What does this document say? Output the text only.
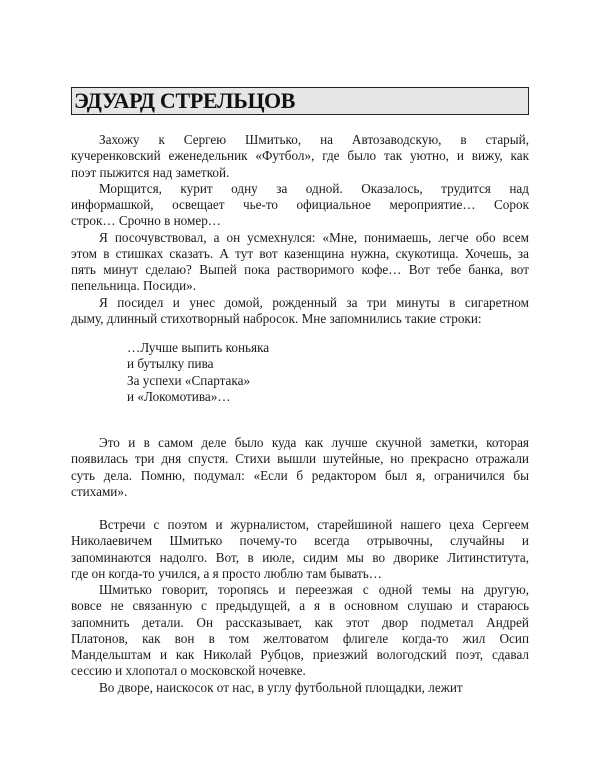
ЭДУАРД СТРЕЛЬЦОВ
Захожу к Сергею Шмитько, на Автозаводскую, в старый,
кучеренковский еженедельник «Футбол», где было так уютно, и вижу, как
поэт пыжится над заметкой.
Морщится, курит одну за одной. Оказалось, трудится над
информашкой, освещает чье-то официальное мероприятие… Сорок
строк… Срочно в номер…
Я посочувствовал, а он усмехнулся: «Мне, понимаешь, легче обо всем
этом в стишках сказать. А тут вот казенщина нужна, скукотища. Хочешь, за
пять минут сделаю? Выпей пока растворимого кофе… Вот тебе банка, вот
пепельница. Посиди».
Я посидел и унес домой, рожденный за три минуты в сигаретном
дыму, длинный стихотворный набросок. Мне запомнились такие строки:
…Лучше выпить коньяка
и бутылку пива
За успехи «Спартака»
и «Локомотива»…
Это и в самом деле было куда как лучше скучной заметки, которая
появилась три дня спустя. Стихи вышли шутейные, но прекрасно отражали
суть дела. Помню, подумал: «Если б редактором был я, ограничился бы
стихами».
Встречи с поэтом и журналистом, старейшиной нашего цеха Сергеем
Николаевичем Шмитько почему-то всегда отрывочны, случайны и
запоминаются надолго. Вот, в июле, сидим мы во дворике Литинститута,
где он когда-то учился, а я просто люблю там бывать…
Шмитько говорит, торопясь и переезжая с одной темы на другую,
вовсе не связанную с предыдущей, а я в основном слушаю и стараюсь
запомнить детали. Он рассказывает, как этот двор подметал Андрей
Платонов, как вон в том желтоватом флигеле когда-то жил Осип
Мандельштам и как Николай Рубцов, приезжий вологодский поэт, сдавал
сессию и хлопотал о московской ночевке.
Во дворе, наискосок от нас, в углу футбольной площадки, лежит
